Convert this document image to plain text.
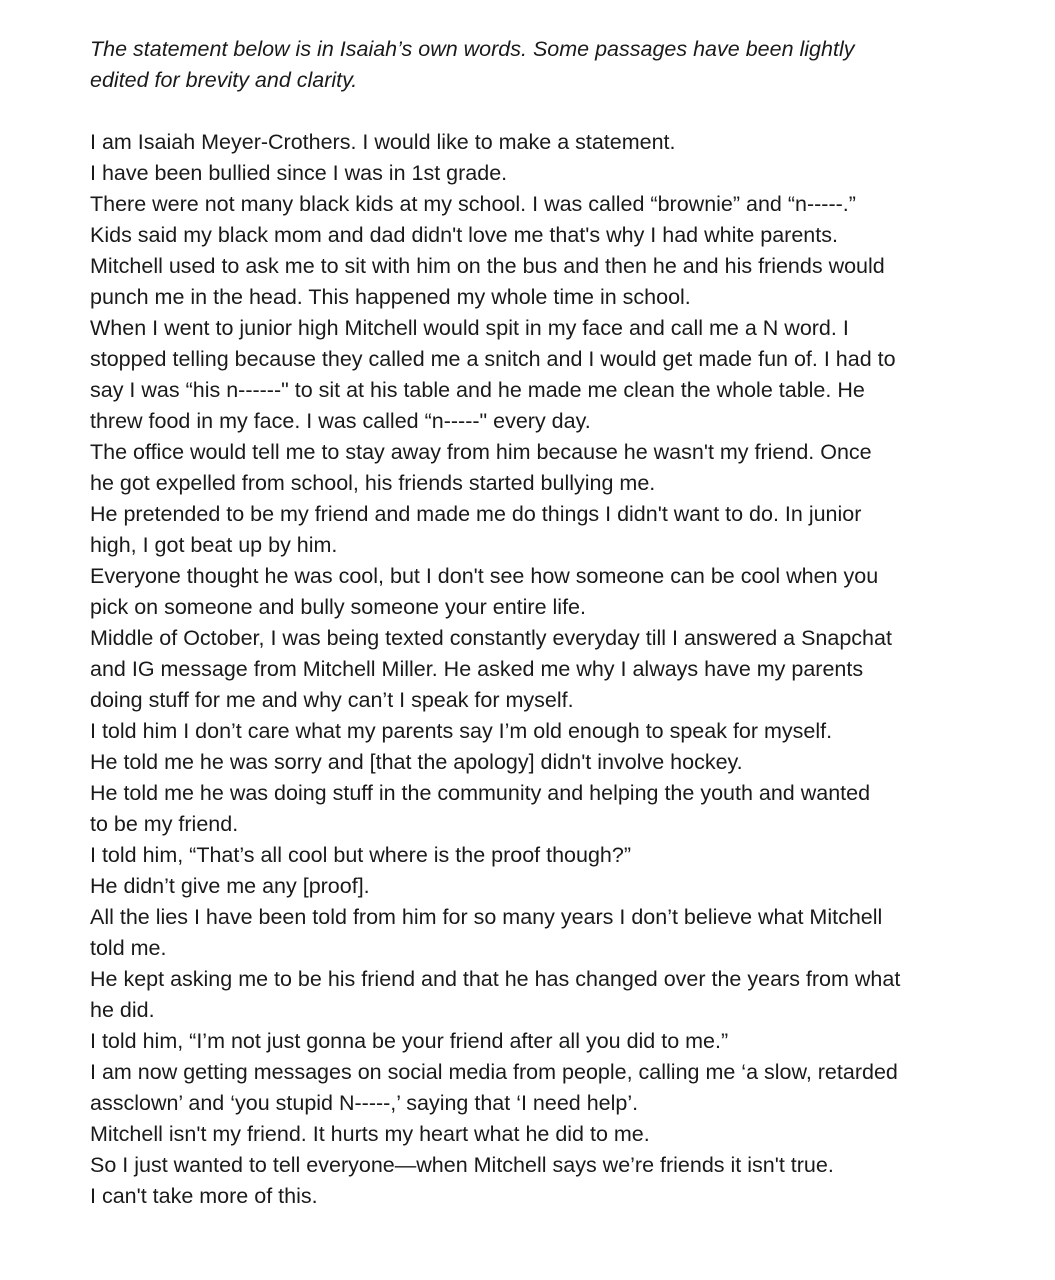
The statement below is in Isaiah’s own words. Some passages have been lightly
edited for brevity and clarity.
I am Isaiah Meyer-Crothers. I would like to make a statement.
I have been bullied since I was in 1st grade.
There were not many black kids at my school. I was called “brownie” and “n-----.”
Kids said my black mom and dad didn't love me that's why I had white parents.
Mitchell used to ask me to sit with him on the bus and then he and his friends would
punch me in the head. This happened my whole time in school.
When I went to junior high Mitchell would spit in my face and call me a N word. I
stopped telling because they called me a snitch and I would get made fun of. I had to
say I was “his n------" to sit at his table and he made me clean the whole table. He
threw food in my face. I was called “n-----" every day.
The office would tell me to stay away from him because he wasn't my friend. Once
he got expelled from school, his friends started bullying me.
He pretended to be my friend and made me do things I didn't want to do. In junior
high, I got beat up by him.
Everyone thought he was cool, but I don't see how someone can be cool when you
pick on someone and bully someone your entire life.
Middle of October, I was being texted constantly everyday till I answered a Snapchat
and IG message from Mitchell Miller. He asked me why I always have my parents
doing stuff for me and why can’t I speak for myself.
I told him I don’t care what my parents say I’m old enough to speak for myself.
He told me he was sorry and [that the apology] didn't involve hockey.
He told me he was doing stuff in the community and helping the youth and wanted
to be my friend.
I told him, “That’s all cool but where is the proof though?”
He didn’t give me any [proof].
All the lies I have been told from him for so many years I don’t believe what Mitchell
told me.
He kept asking me to be his friend and that he has changed over the years from what
he did.
I told him, “I’m not just gonna be your friend after all you did to me.”
I am now getting messages on social media from people, calling me ‘a slow, retarded
assclown’ and ‘you stupid N-----,’ saying that ‘I need help’.
Mitchell isn't my friend. It hurts my heart what he did to me.
So I just wanted to tell everyone—when Mitchell says we’re friends it isn't true.
I can't take more of this.
